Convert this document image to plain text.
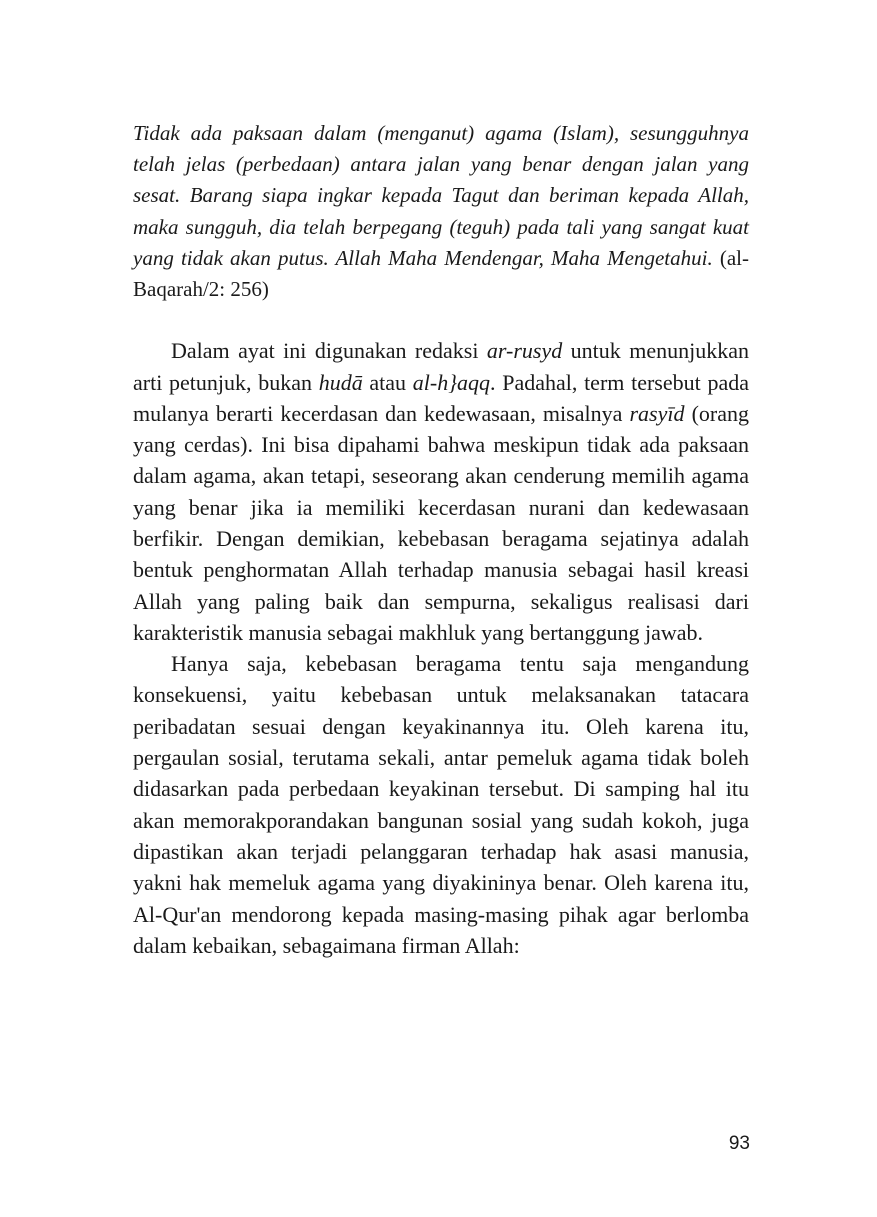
Tidak ada paksaan dalam (menganut) agama (Islam), sesungguhnya telah jelas (perbedaan) antara jalan yang benar dengan jalan yang sesat. Barang siapa ingkar kepada Tagut dan beriman kepada Allah, maka sungguh, dia telah berpegang (teguh) pada tali yang sangat kuat yang tidak akan putus. Allah Maha Mendengar, Maha Mengetahui. (al-Baqarah/2: 256)

Dalam ayat ini digunakan redaksi ar-rusyd untuk menunjukkan arti petunjuk, bukan hudā atau al-h}aqq. Padahal, term tersebut pada mulanya berarti kecerdasan dan kedewasaan, misalnya rasyīd (orang yang cerdas). Ini bisa dipahami bahwa meskipun tidak ada paksaan dalam agama, akan tetapi, seseorang akan cenderung memilih agama yang benar jika ia memiliki kecerdasan nurani dan kedewasaan berfikir. Dengan demikian, kebebasan beragama sejatinya adalah bentuk penghormatan Allah terhadap manusia sebagai hasil kreasi Allah yang paling baik dan sempurna, sekaligus realisasi dari karakteristik manusia sebagai makhluk yang bertanggung jawab.

Hanya saja, kebebasan beragama tentu saja mengandung konsekuensi, yaitu kebebasan untuk melaksanakan tatacara peribadatan sesuai dengan keyakinannya itu. Oleh karena itu, pergaulan sosial, terutama sekali, antar pemeluk agama tidak boleh didasarkan pada perbedaan keyakinan tersebut. Di samping hal itu akan memorakporandakan bangunan sosial yang sudah kokoh, juga dipastikan akan terjadi pelanggaran terhadap hak asasi manusia, yakni hak memeluk agama yang diyakininya benar. Oleh karena itu, Al-Qur'an mendorong kepada masing-masing pihak agar berlomba dalam kebaikan, sebagaimana firman Allah:

93
